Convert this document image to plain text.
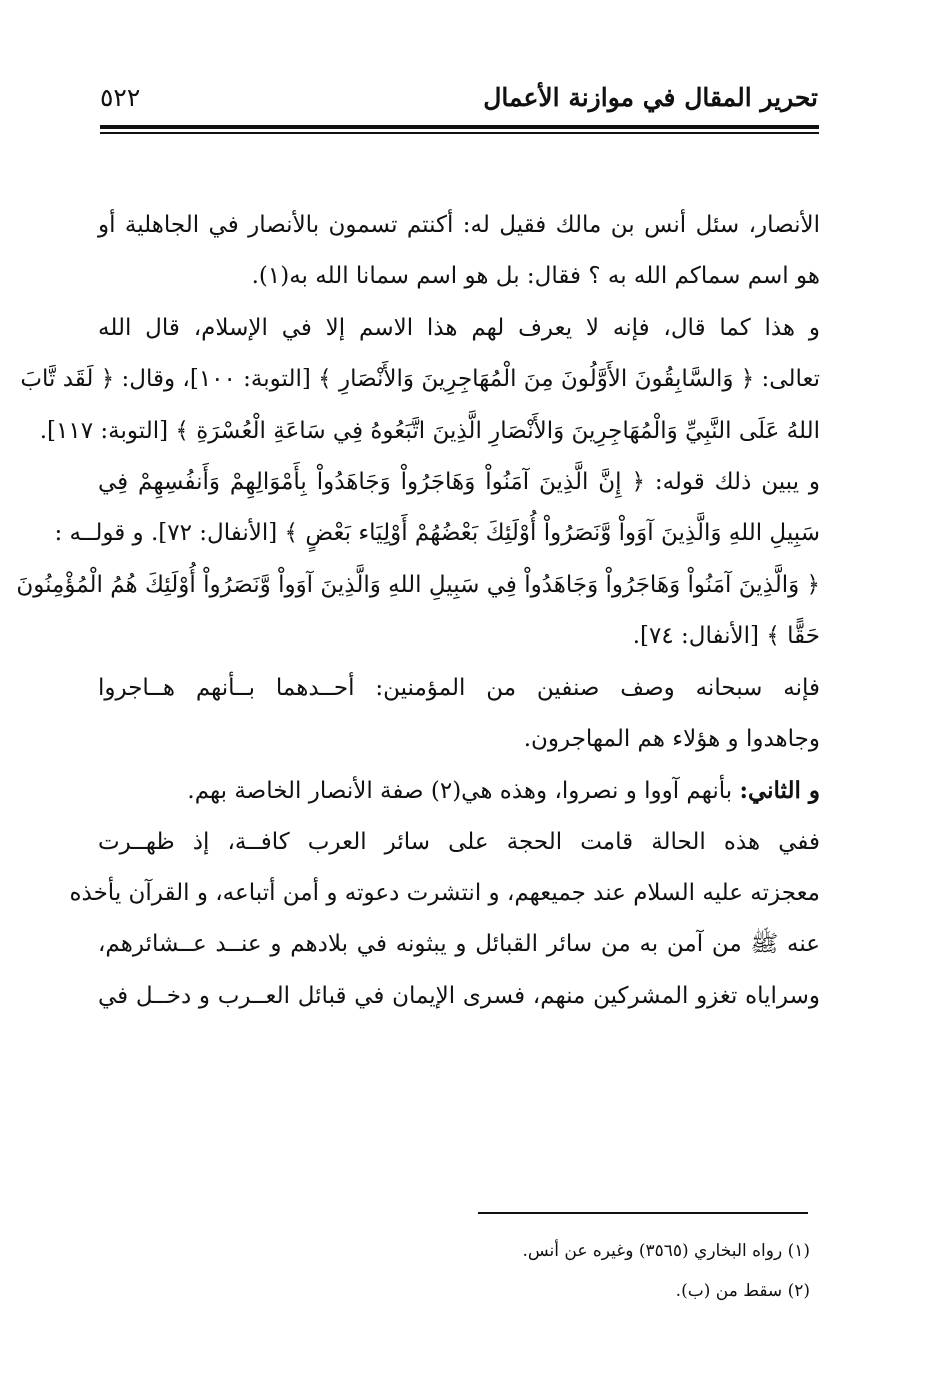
تحرير المقال في موازنة الأعمال
٥٢٢
الأنصار، سئل أنس بن مالك فقيل له: أكنتم تسمون بالأنصار في الجاهلية أو
هو اسم سماكم الله به ؟ فقال: بل هو اسم سمانا الله به(١).
و هذا كما قال، فإنه لا يعرف لهم هذا الاسم إلا في الإسلام، قال الله
تعالى: ﴿ وَالسَّابِقُونَ الأَوَّلُونَ مِنَ الْمُهَاجِرِينَ وَالأَنْصَارِ ﴾ [التوبة: ١٠٠]، وقال: ﴿ لَقَد تَّابَ
اللهُ عَلَى النَّبِيِّ وَالْمُهَاجِرِينَ وَالأَنْصَارِ الَّذِينَ اتَّبَعُوهُ فِي سَاعَةِ الْعُسْرَةِ ﴾ [التوبة: ١١٧].
و يبين ذلك قوله: ﴿ إِنَّ الَّذِينَ آمَنُواْ وَهَاجَرُواْ وَجَاهَدُواْ بِأَمْوَالِهِمْ وَأَنفُسِهِمْ فِي
سَبِيلِ اللهِ وَالَّذِينَ آوَواْ وَّنَصَرُواْ أُوْلَئِكَ بَعْضُهُمْ أَوْلِيَاء بَعْضٍ ﴾ [الأنفال: ٧٢]. و قولــه :
﴿ وَالَّذِينَ آمَنُواْ وَهَاجَرُواْ وَجَاهَدُواْ فِي سَبِيلِ اللهِ وَالَّذِينَ آوَواْ وَّنَصَرُواْ أُوْلَئِكَ هُمُ الْمُؤْمِنُونَ
حَقًّا ﴾ [الأنفال: ٧٤].
فإنه سبحانه وصف صنفين من المؤمنين: أحــدهما بــأنهم هــاجروا
وجاهدوا و هؤلاء هم المهاجرون.
و الثاني: بأنهم آووا و نصروا، وهذه هي(٢) صفة الأنصار الخاصة بهم.
ففي هذه الحالة قامت الحجة على سائر العرب كافــة، إذ ظهــرت
معجزته عليه السلام عند جميعهم، و انتشرت دعوته و أمن أتباعه، و القرآن يأخذه
عنه ﷺ من آمن به من سائر القبائل و يبثونه في بلادهم و عنــد عــشائرهم،
وسراياه تغزو المشركين منهم، فسرى الإيمان في قبائل العــرب و دخــل في
(١) رواه البخاري (٣٥٦٥) وغيره عن أنس.
(٢) سقط من (ب).
